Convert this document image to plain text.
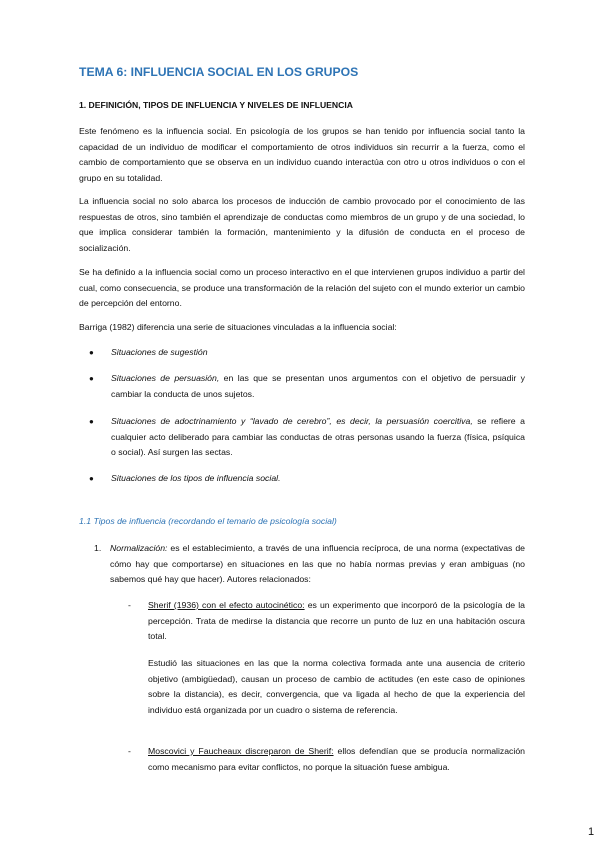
TEMA 6: INFLUENCIA SOCIAL EN LOS GRUPOS
1. DEFINICIÓN, TIPOS DE INFLUENCIA Y NIVELES DE INFLUENCIA
Este fenómeno es la influencia social. En psicología de los grupos se han tenido por influencia social tanto la capacidad de un individuo de modificar el comportamiento de otros individuos sin recurrir a la fuerza, como el cambio de comportamiento que se observa en un individuo cuando interactúa con otro u otros individuos o con el grupo en su totalidad.
La influencia social no solo abarca los procesos de inducción de cambio provocado por el conocimiento de las respuestas de otros, sino también el aprendizaje de conductas como miembros de un grupo y de una sociedad, lo que implica considerar también la formación, mantenimiento y la difusión de conducta en el proceso de socialización.
Se ha definido a la influencia social como un proceso interactivo en el que intervienen grupos individuo a partir del cual, como consecuencia, se produce una transformación de la relación del sujeto con el mundo exterior un cambio de percepción del entorno.
Barriga (1982) diferencia una serie de situaciones vinculadas a la influencia social:
● Situaciones de sugestión
● Situaciones de persuasión, en las que se presentan unos argumentos con el objetivo de persuadir y cambiar la conducta de unos sujetos.
● Situaciones de adoctrinamiento y “lavado de cerebro”, es decir, la persuasión coercitiva, se refiere a cualquier acto deliberado para cambiar las conductas de otras personas usando la fuerza (física, psíquica o social). Así surgen las sectas.
● Situaciones de los tipos de influencia social.
1.1 Tipos de influencia (recordando el temario de psicología social)
1. Normalización: es el establecimiento, a través de una influencia recíproca, de una norma (expectativas de cómo hay que comportarse) en situaciones en las que no había normas previas y eran ambiguas (no sabemos qué hay que hacer). Autores relacionados:
- Sherif (1936) con el efecto autocinético: es un experimento que incorporó de la psicología de la percepción. Trata de medirse la distancia que recorre un punto de luz en una habitación oscura total.
Estudió las situaciones en las que la norma colectiva formada ante una ausencia de criterio objetivo (ambigüedad), causan un proceso de cambio de actitudes (en este caso de opiniones sobre la distancia), es decir, convergencia, que va ligada al hecho de que la experiencia del individuo está organizada por un cuadro o sistema de referencia.
- Moscovici y Faucheaux discreparon de Sherif: ellos defendían que se producía normalización como mecanismo para evitar conflictos, no porque la situación fuese ambigua.
1
